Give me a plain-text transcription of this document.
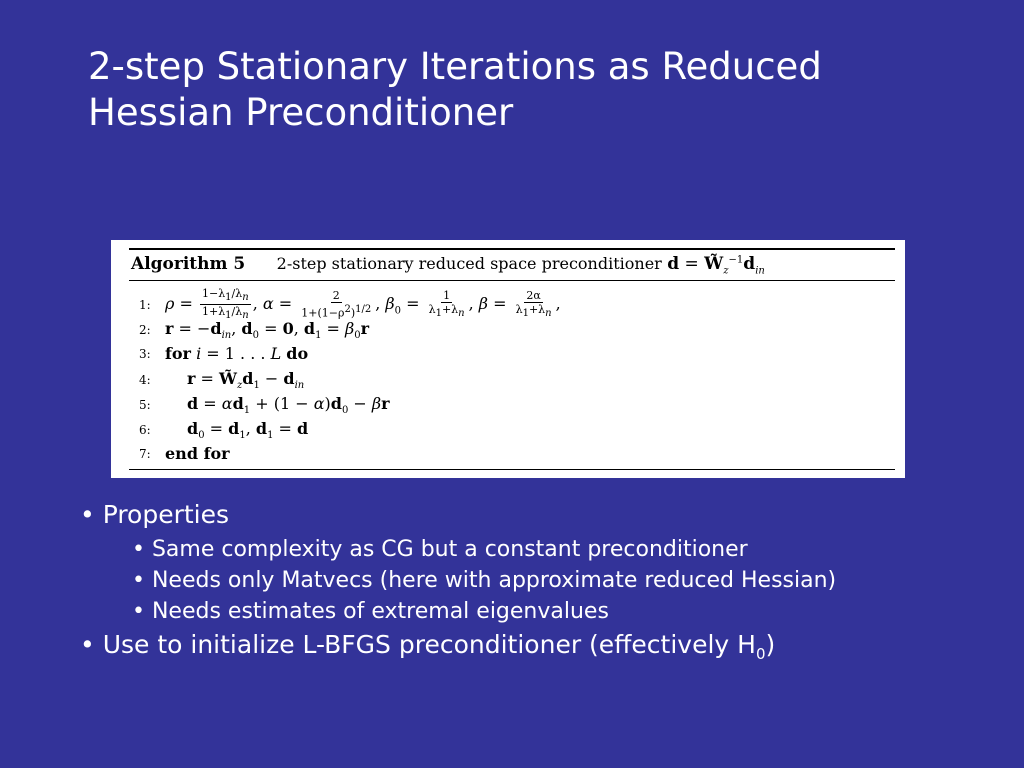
2-step Stationary Iterations as Reduced
Hessian Preconditioner
Algorithm 5 2-step stationary reduced space preconditioner $d = W̃_z^{-1}d_{in}$
1: $\rho = \frac{1-\lambda_1/\lambda_n}{1+\lambda_1/\lambda_n}$ , $\alpha = \frac{2}{1+(1-\rho^2)^{1/2}}$ , $\beta_0 = \frac{1}{\lambda_1+\lambda_n}$ , $\beta = \frac{2\alpha}{\lambda_1+\lambda_n}$ ,
2: $r = -d_{in}$, $d_0 = 0$, $d_1 = \beta_0r$
3: for i = 1 . . . L do
4:	$r = W̃_zd_1 - d_{in}$
5:	$d = \alpha d_1 + (1 - \alpha)d_0 - \beta r$
6:	$d_0 = d_1$, $d_1 = d$
7: end for
• Properties
• Same complexity as CG but a constant preconditioner
• Needs only Matvecs (here with approximate reduced Hessian)
• Needs estimates of extremal eigenvalues
• Use to initialize L-BFGS preconditioner (effectively $H_0$)
